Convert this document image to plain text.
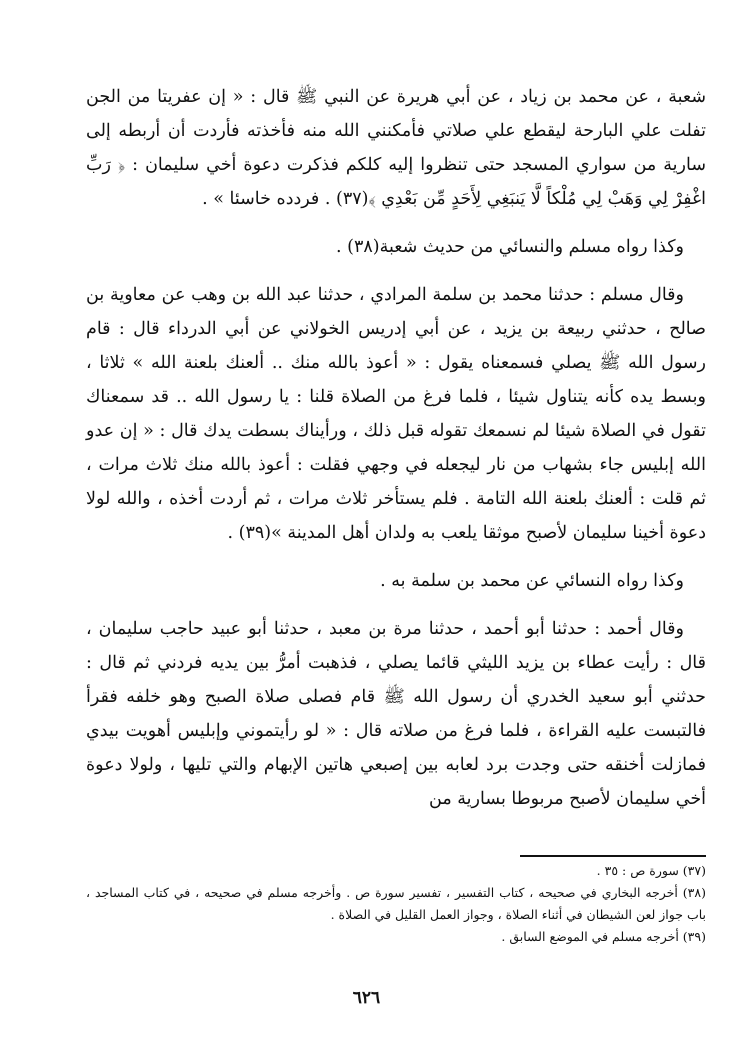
شعبة ، عن محمد بن زياد ، عن أبي هريرة عن النبي ﷺ قال : « إن عفريتا من الجن تفلت علي البارحة ليقطع علي صلاتي فأمكنني الله منه فأخذته فأردت أن أربطه إلى سارية من سواري المسجد حتى تنظروا إليه كلكم فذكرت دعوة أخي سليمان : ﴿ رَبِّ اغْفِرْ لِي وَهَبْ لِي مُلْكاً لَّا يَنبَغِي لِأَحَدٍ مِّن بَعْدِي ﴾(٣٧) . فردده خاسئا » .

وكذا رواه مسلم والنسائي من حديث شعبة(٣٨) .

وقال مسلم : حدثنا محمد بن سلمة المرادي ، حدثنا عبد الله بن وهب عن معاوية بن صالح ، حدثني ربيعة بن يزيد ، عن أبي إدريس الخولاني عن أبي الدرداء قال : قام رسول الله ﷺ يصلي فسمعناه يقول : « أعوذ بالله منك .. ألعنك بلعنة الله » ثلاثا ، وبسط يده كأنه يتناول شيئا ، فلما فرغ من الصلاة قلنا : يا رسول الله .. قد سمعناك تقول في الصلاة شيئا لم نسمعك تقوله قبل ذلك ، ورأيناك بسطت يدك قال : « إن عدو الله إبليس جاء بشهاب من نار ليجعله في وجهي فقلت : أعوذ بالله منك ثلاث مرات ، ثم قلت : ألعنك بلعنة الله التامة . فلم يستأخر ثلاث مرات ، ثم أردت أخذه ، والله لولا دعوة أخينا سليمان لأصبح موثقا يلعب به ولدان أهل المدينة »(٣٩) .

وكذا رواه النسائي عن محمد بن سلمة به .

وقال أحمد : حدثنا أبو أحمد ، حدثنا مرة بن معبد ، حدثنا أبو عبيد حاجب سليمان ، قال : رأيت عطاء بن يزيد الليثي قائما يصلي ، فذهبت أمرُّ بين يديه فردني ثم قال : حدثني أبو سعيد الخدري أن رسول الله ﷺ قام فصلى صلاة الصبح وهو خلفه فقرأ فالتبست عليه القراءة ، فلما فرغ من صلاته قال : « لو رأيتموني وإبليس أهويت بيدي فمازلت أخنقه حتى وجدت برد لعابه بين إصبعي هاتين الإبهام والتي تليها ، ولولا دعوة أخي سليمان لأصبح مربوطا بسارية من

(٣٧) سورة ص : ٣٥ .

(٣٨) أخرجه البخاري في صحيحه ، كتاب التفسير ، تفسير سورة ص . وأخرجه مسلم في صحيحه ، في كتاب المساجد ، باب جواز لعن الشيطان في أثناء الصلاة ، وجواز العمل القليل في الصلاة .

(٣٩) أخرجه مسلم في الموضع السابق .

٦٢٦
